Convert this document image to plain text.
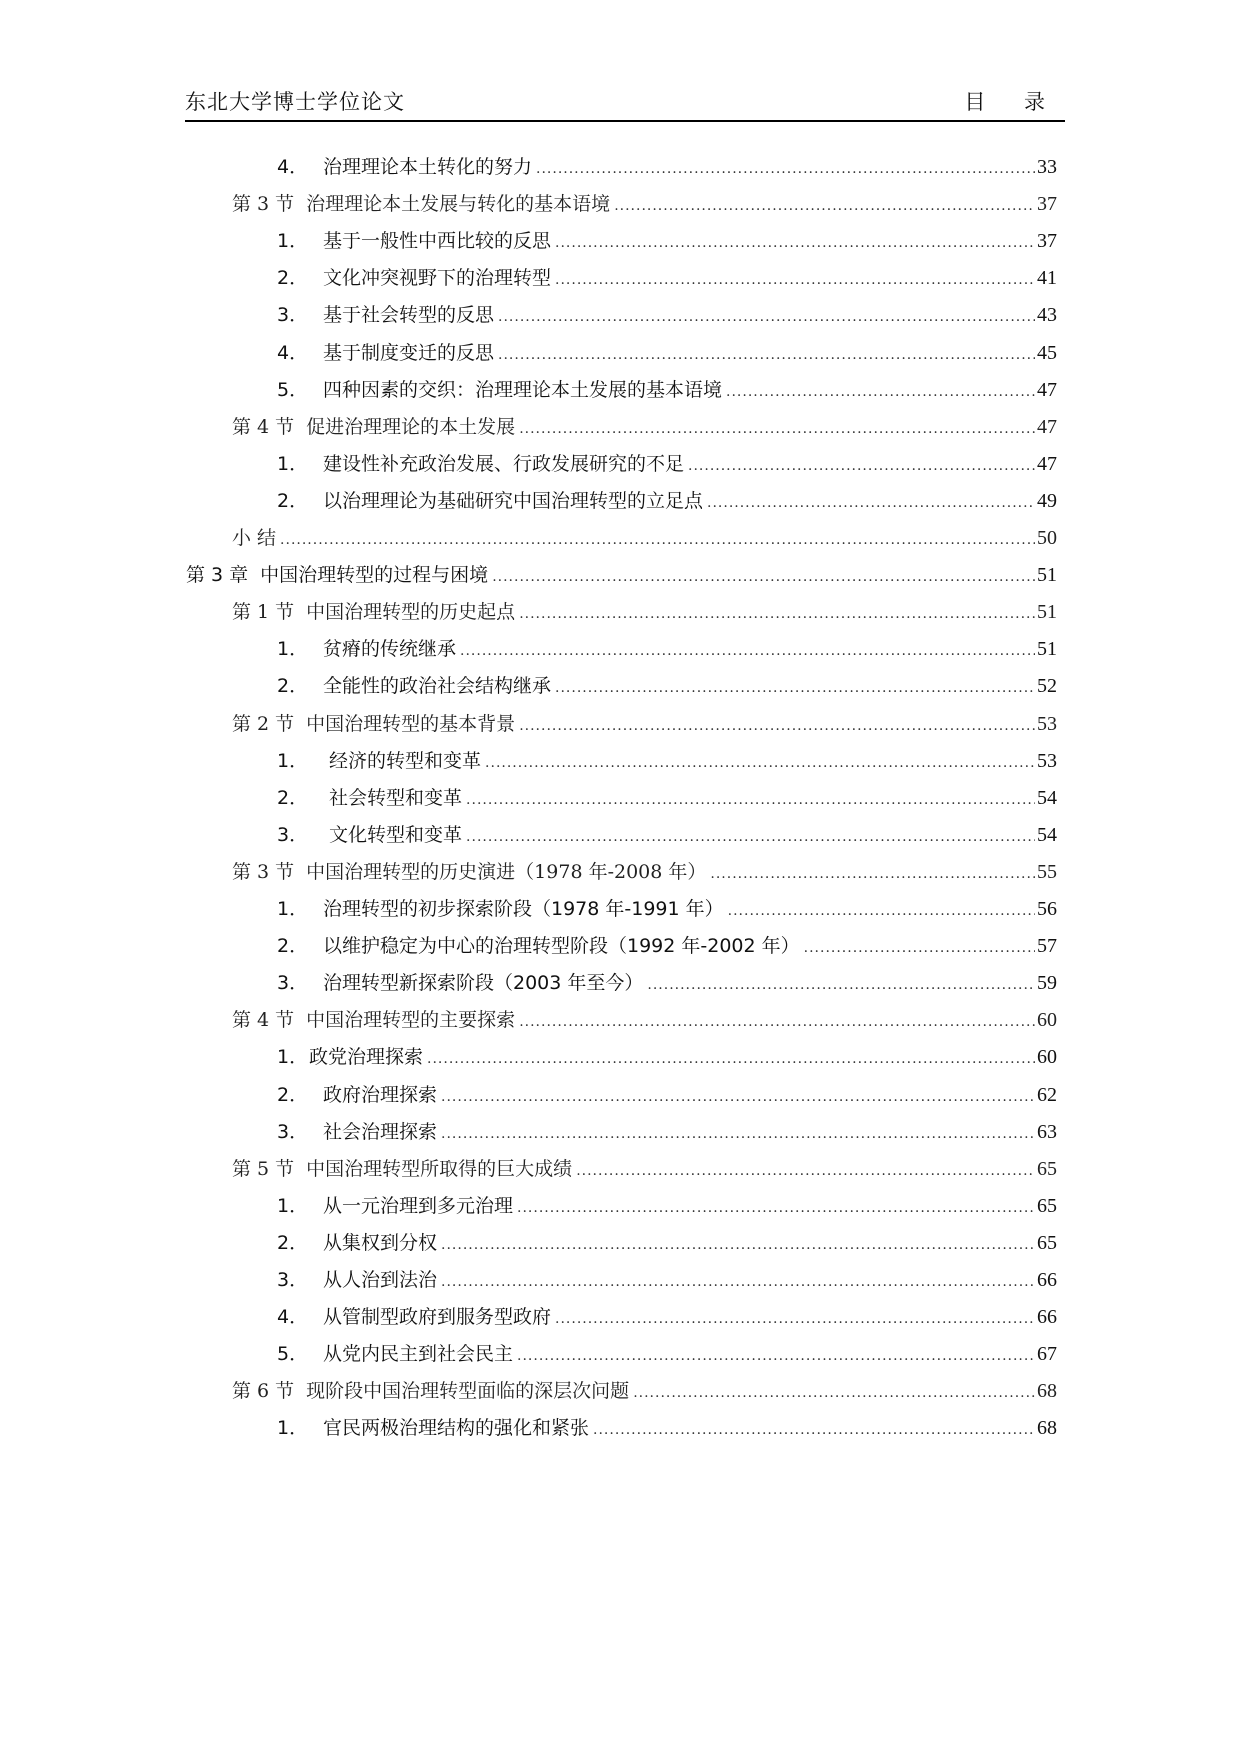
东北大学博士学位论文	目 录
4． 治理理论本土转化的努力 .....	33
第 3 节 治理理论本土发展与转化的基本语境 .....	37
1． 基于一般性中西比较的反思 .....	37
2． 文化冲突视野下的治理转型 .....	41
3． 基于社会转型的反思 .....	43
4． 基于制度变迁的反思 .....	45
5． 四种因素的交织：治理理论本土发展的基本语境 .....	47
第 4 节 促进治理理论的本土发展 .....	47
1． 建设性补充政治发展、行政发展研究的不足 .....	47
2． 以治理理论为基础研究中国治理转型的立足点 .....	49
小 结 .....	50
第 3 章 中国治理转型的过程与困境 .....	51
第 1 节 中国治理转型的历史起点 .....	51
1． 贫瘠的传统继承 .....	51
2． 全能性的政治社会结构继承 .....	52
第 2 节 中国治理转型的基本背景 .....	53
1． 经济的转型和变革 .....	53
2． 社会转型和变革 .....	54
3． 文化转型和变革 .....	54
第 3 节 中国治理转型的历史演进（1978 年-2008 年） .....	55
1． 治理转型的初步探索阶段（1978 年-1991 年） .....	56
2． 以维护稳定为中心的治理转型阶段（1992 年-2002 年） .....	57
3． 治理转型新探索阶段（2003 年至今） .....	59
第 4 节 中国治理转型的主要探索 .....	60
1．政党治理探索 .....	60
2． 政府治理探索 .....	62
3． 社会治理探索 .....	63
第 5 节 中国治理转型所取得的巨大成绩 .....	65
1． 从一元治理到多元治理 .....	65
2． 从集权到分权 .....	65
3． 从人治到法治 .....	66
4． 从管制型政府到服务型政府 .....	66
5． 从党内民主到社会民主 .....	67
第 6 节 现阶段中国治理转型面临的深层次问题 .....	68
1． 官民两极治理结构的强化和紧张 .....	68
